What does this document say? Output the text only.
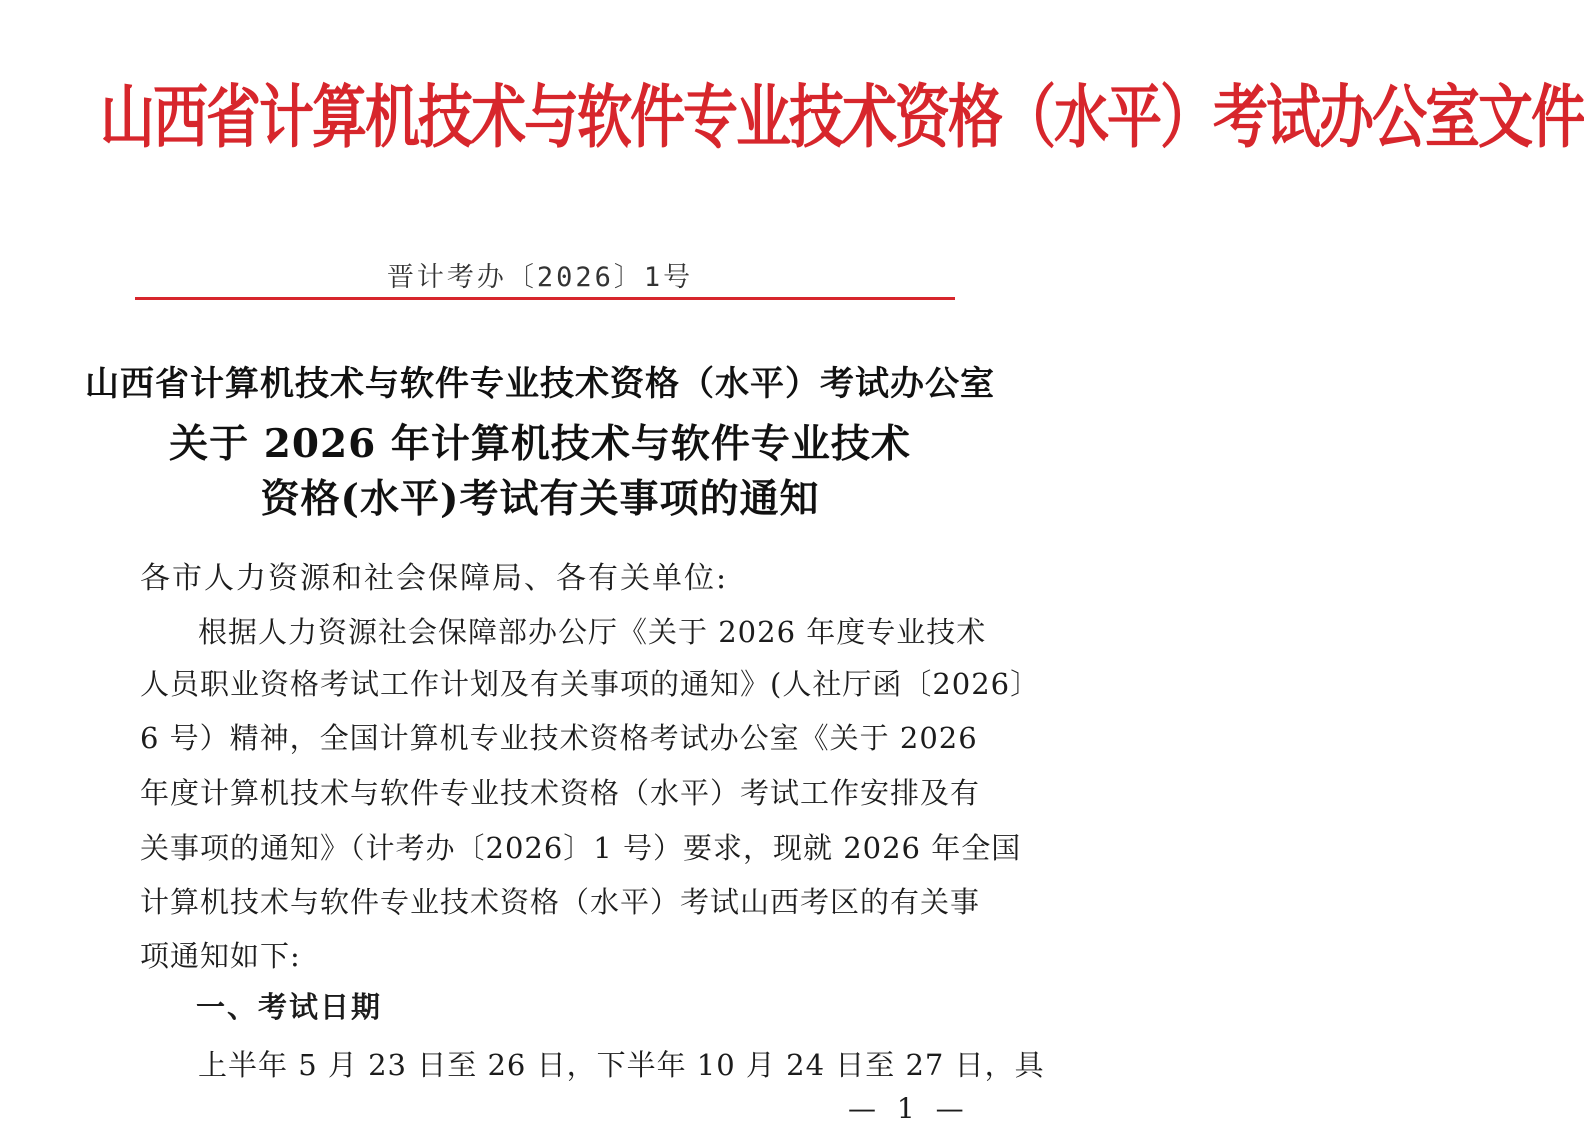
山西省计算机技术与软件专业技术资格（水平）考试办公室文件
晋计考办〔2026〕1号
山西省计算机技术与软件专业技术资格（水平）考试办公室
关于 2026 年计算机技术与软件专业技术
资格(水平)考试有关事项的通知
各市人力资源和社会保障局、各有关单位:
根据人力资源社会保障部办公厅《关于 2026 年度专业技术
人员职业资格考试工作计划及有关事项的通知》(人社厅函〔2026〕
6 号）精神，全国计算机专业技术资格考试办公室《关于 2026
年度计算机技术与软件专业技术资格（水平）考试工作安排及有
关事项的通知》（计考办〔2026〕1 号）要求，现就 2026 年全国
计算机技术与软件专业技术资格（水平）考试山西考区的有关事
项通知如下:
一、考试日期
上半年 5 月 23 日至 26 日，下半年 10 月 24 日至 27 日，具
— 1 —
